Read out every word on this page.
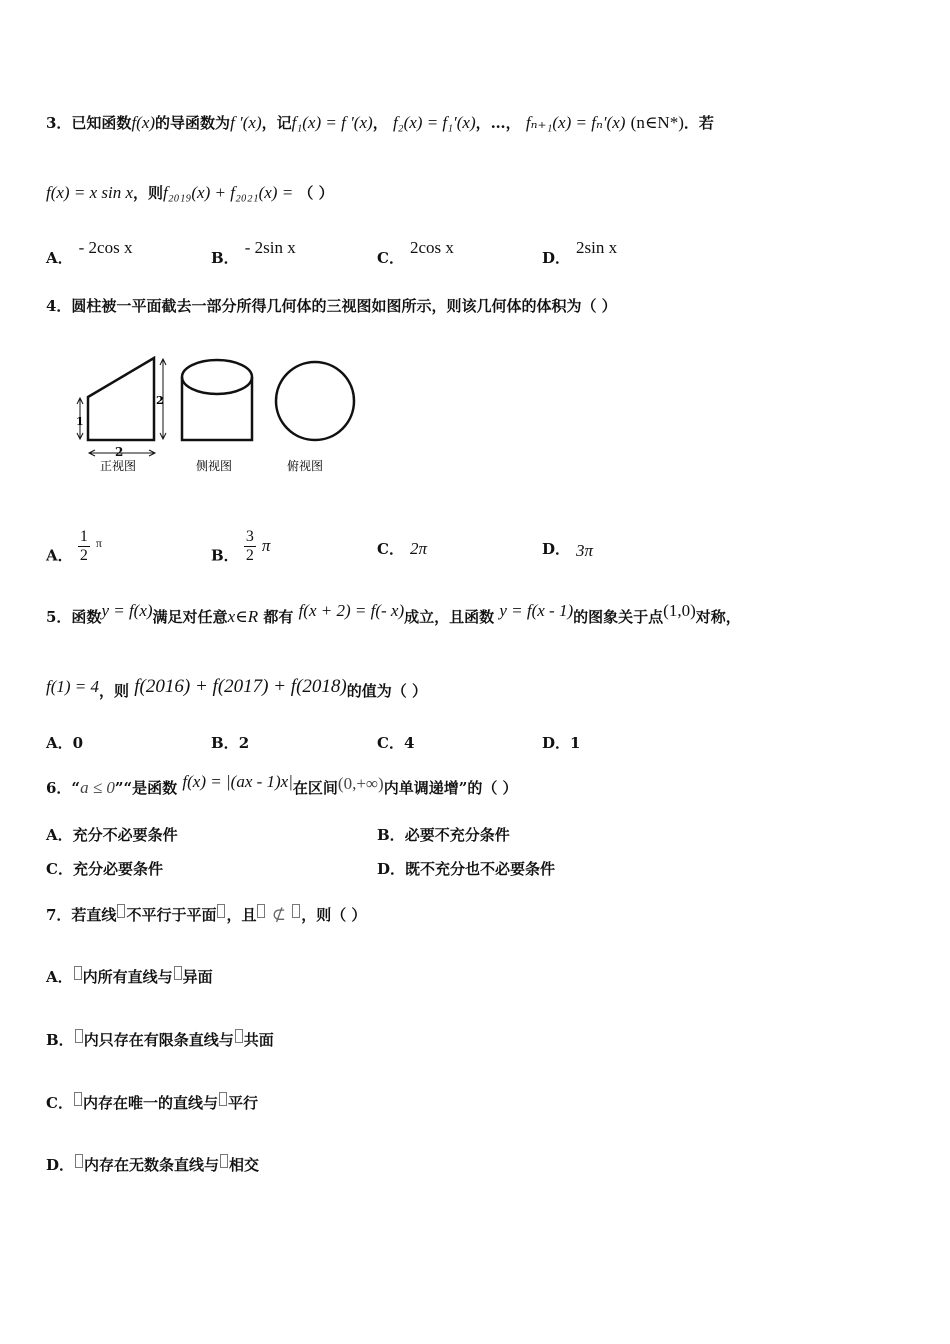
3．已知函数f(x)的导函数为f ′(x)，记f₁(x) = f ′(x)， f₂(x) = f₁′(x)，…， fₙ₊₁(x) = fₙ′(x) (n∈N*)．若
f(x) = x sin x，则f₂₀₁₉(x) + f₂₀₂₁(x) = （ ）
A．- 2cos x
B．- 2sin x
C．2cos x
D．2sin x
4．圆柱被一平面截去一部分所得几何体的三视图如图所示，则该几何体的体积为（ ）
1
2
2
正视图	侧视图	俯视图
A． $\frac{1}{2} ^\pi$
B． $\frac{3}{2}$ π	C． 2π	D． 3π
5．函数y = f(x)满足对任意x∈R 都有 f(x + 2) = f(- x)成立，且函数 y = f(x - 1)的图象关于点(1,0)对称，
f(1) = 4，则 f(2016) + f(2017) + f(2018)的值为（ ）
A．0	B．2	C．4	D．1
6．“a ≤ 0”“是函数 f(x) = |(ax - 1)x|在区间(0,+∞)内单调递增”的（ ）
A．充分不必要条件	B．必要不充分条件
C．充分必要条件	D．既不充分也不必要条件
7．若直线 不平行于平面 ，且 ⊄ ，则（ ）
A． 内所有直线与 异面
B． 内只存在有限条直线与 共面
C． 内存在唯一的直线与 平行
D． 内存在无数条直线与 相交
